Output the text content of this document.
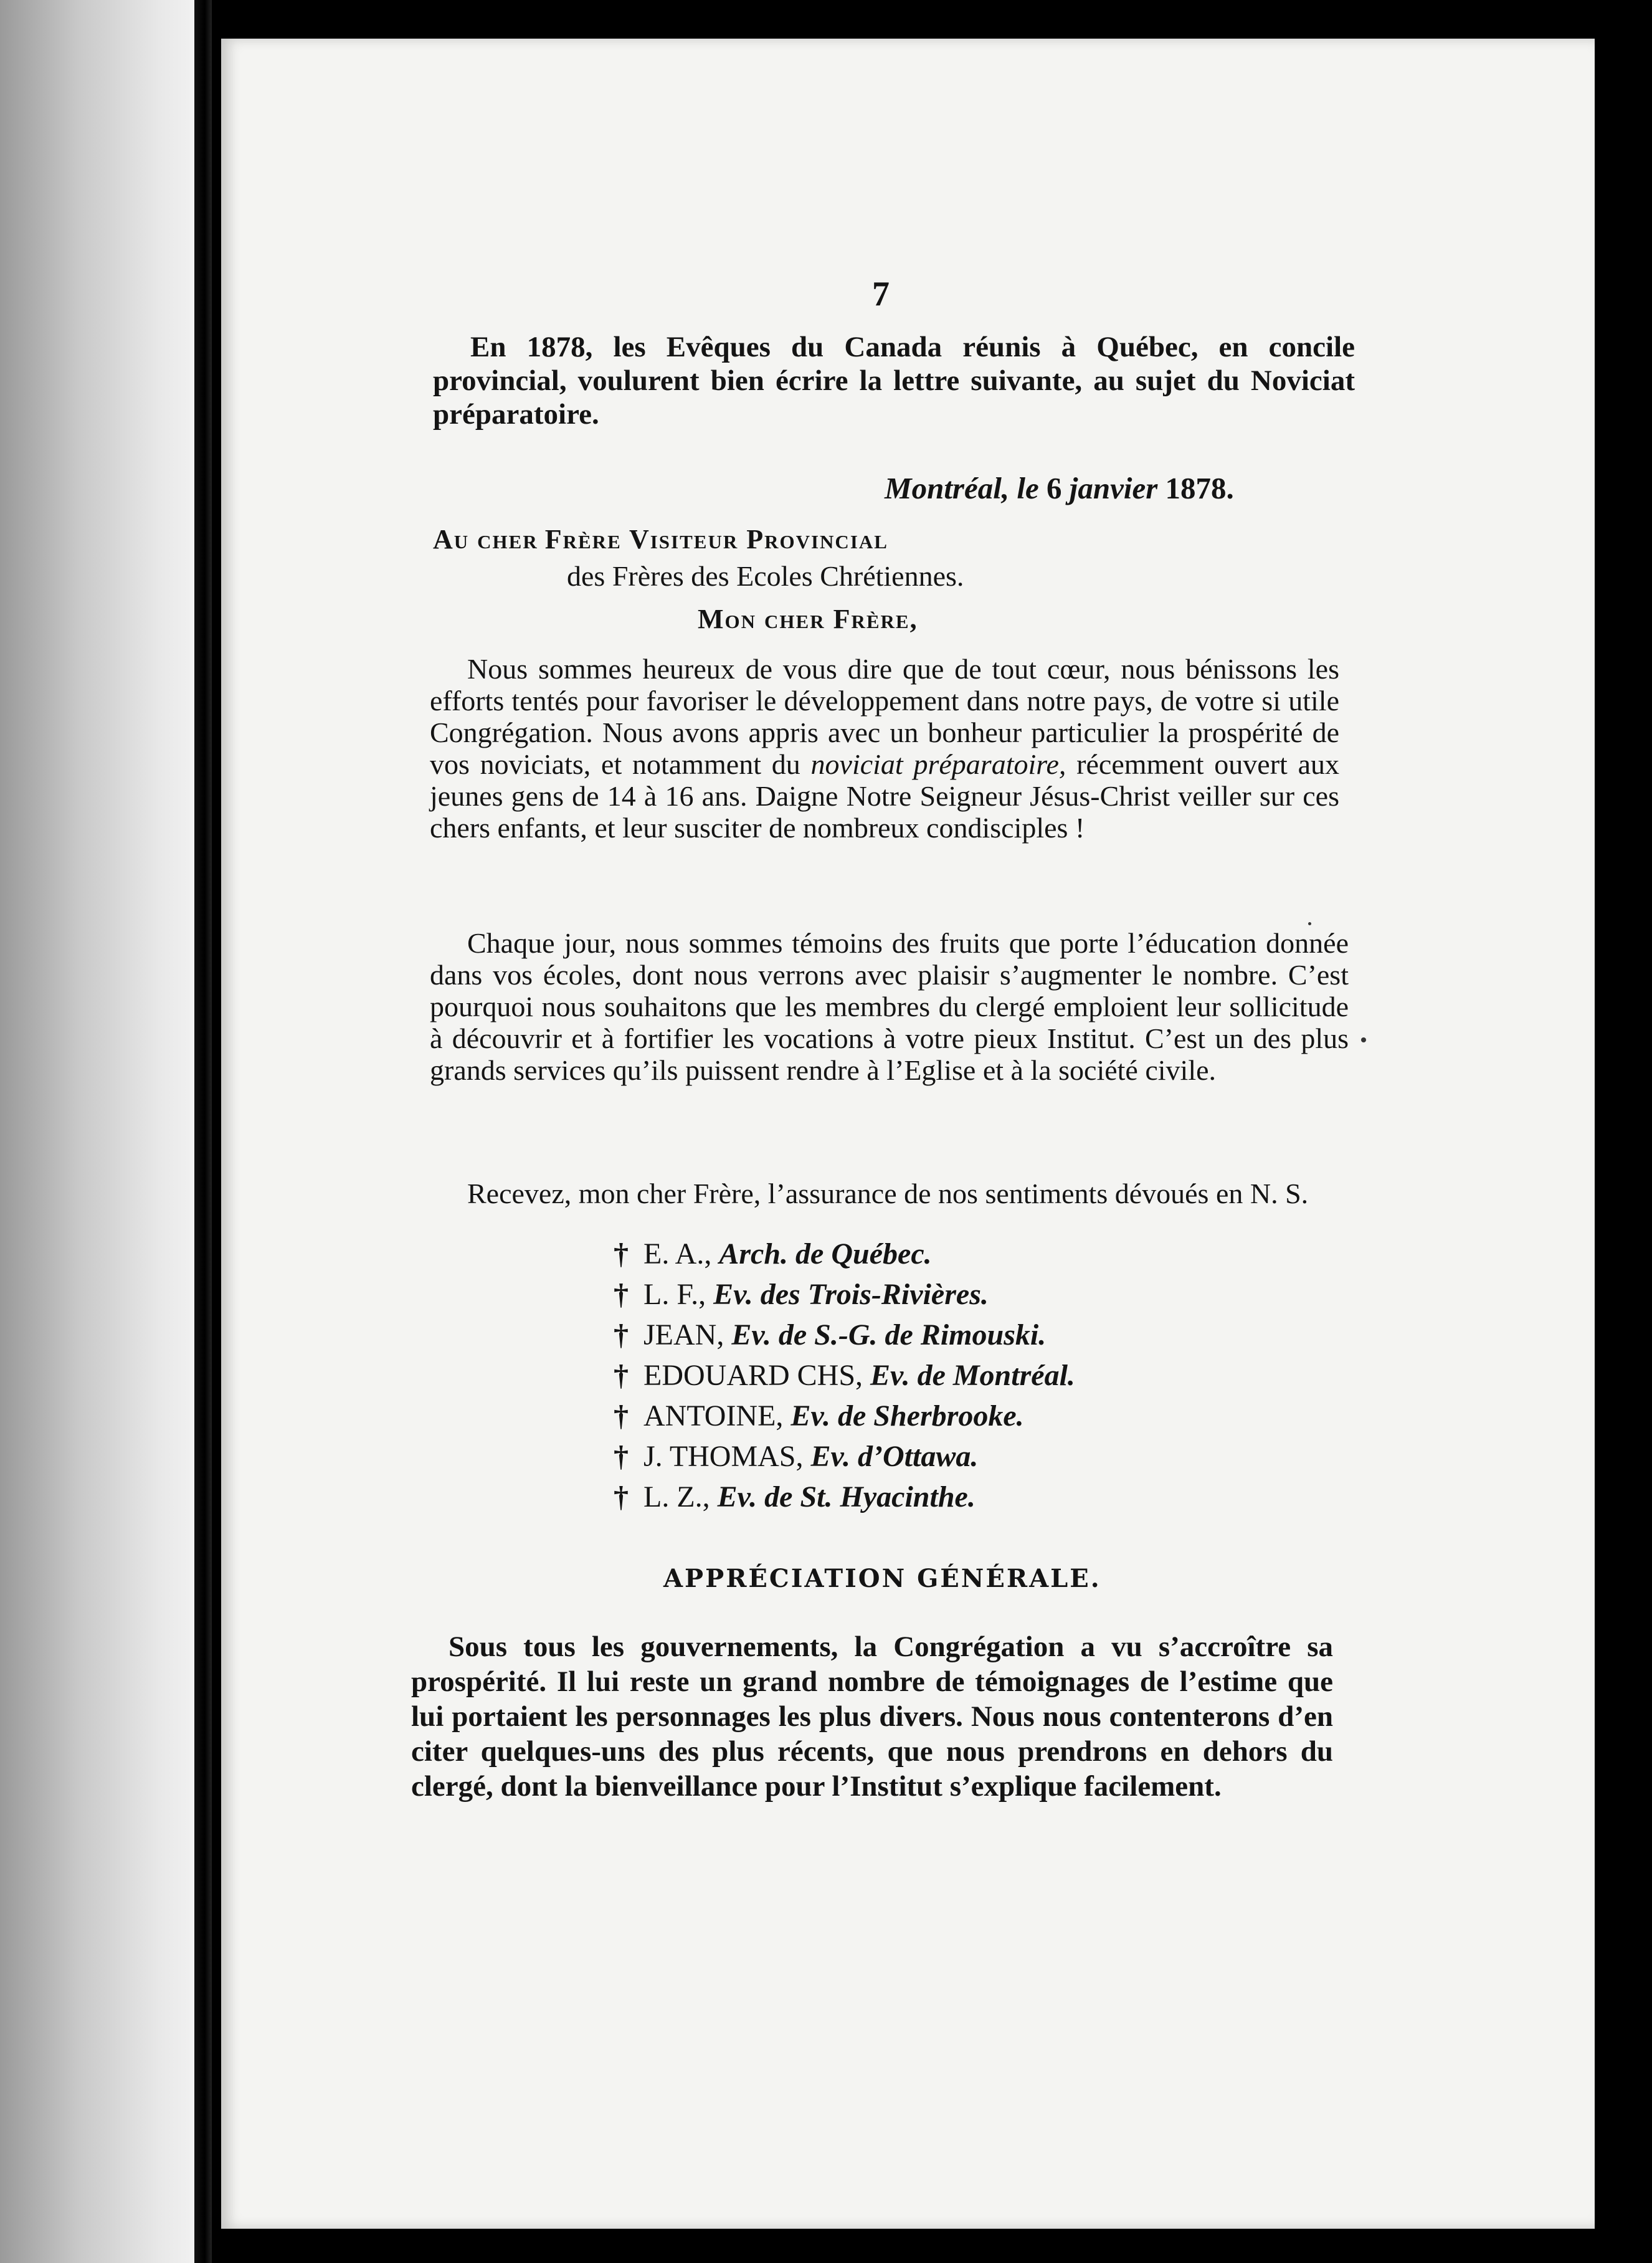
7

En 1878, les Evêques du Canada réunis à Québec, en concile provincial, voulurent bien écrire la lettre suivante, au sujet du Noviciat préparatoire.

Montréal, le 6 janvier 1878.
Au cher Frère Visiteur Provincial
des Frères des Ecoles Chrétiennes.
Mon cher Frère,

Nous sommes heureux de vous dire que de tout cœur, nous bénissons les efforts tentés pour favoriser le développement dans notre pays, de votre si utile Congrégation. Nous avons appris avec un bonheur particulier la prospérité de vos noviciats, et notamment du noviciat préparatoire, récemment ouvert aux jeunes gens de 14 à 16 ans. Daigne Notre Seigneur Jésus-Christ veiller sur ces chers enfants, et leur susciter de nombreux condisciples !

Chaque jour, nous sommes témoins des fruits que porte l’éducation donnée dans vos écoles, dont nous verrons avec plaisir s’augmenter le nombre. C’est pourquoi nous souhaitons que les membres du clergé emploient leur sollicitude à découvrir et à fortifier les vocations à votre pieux Institut. C’est un des plus grands services qu’ils puissent rendre à l’Eglise et à la société civile.

Recevez, mon cher Frère, l’assurance de nos sentiments dévoués en N. S.

† E. A., Arch. de Québec.
† L. F., Ev. des Trois-Rivières.
† JEAN, Ev. de S.-G. de Rimouski.
† EDOUARD CHS, Ev. de Montréal.
† ANTOINE, Ev. de Sherbrooke.
† J. THOMAS, Ev. d’Ottawa.
† L. Z., Ev. de St. Hyacinthe.
APPRÉCIATION GÉNÉRALE.

Sous tous les gouvernements, la Congrégation a vu s’accroître sa prospérité. Il lui reste un grand nombre de témoignages de l’estime que lui portaient les personnages les plus divers. Nous nous contenterons d’en citer quelques-uns des plus récents, que nous prendrons en dehors du clergé, dont la bienveillance pour l’Institut s’explique facilement.
